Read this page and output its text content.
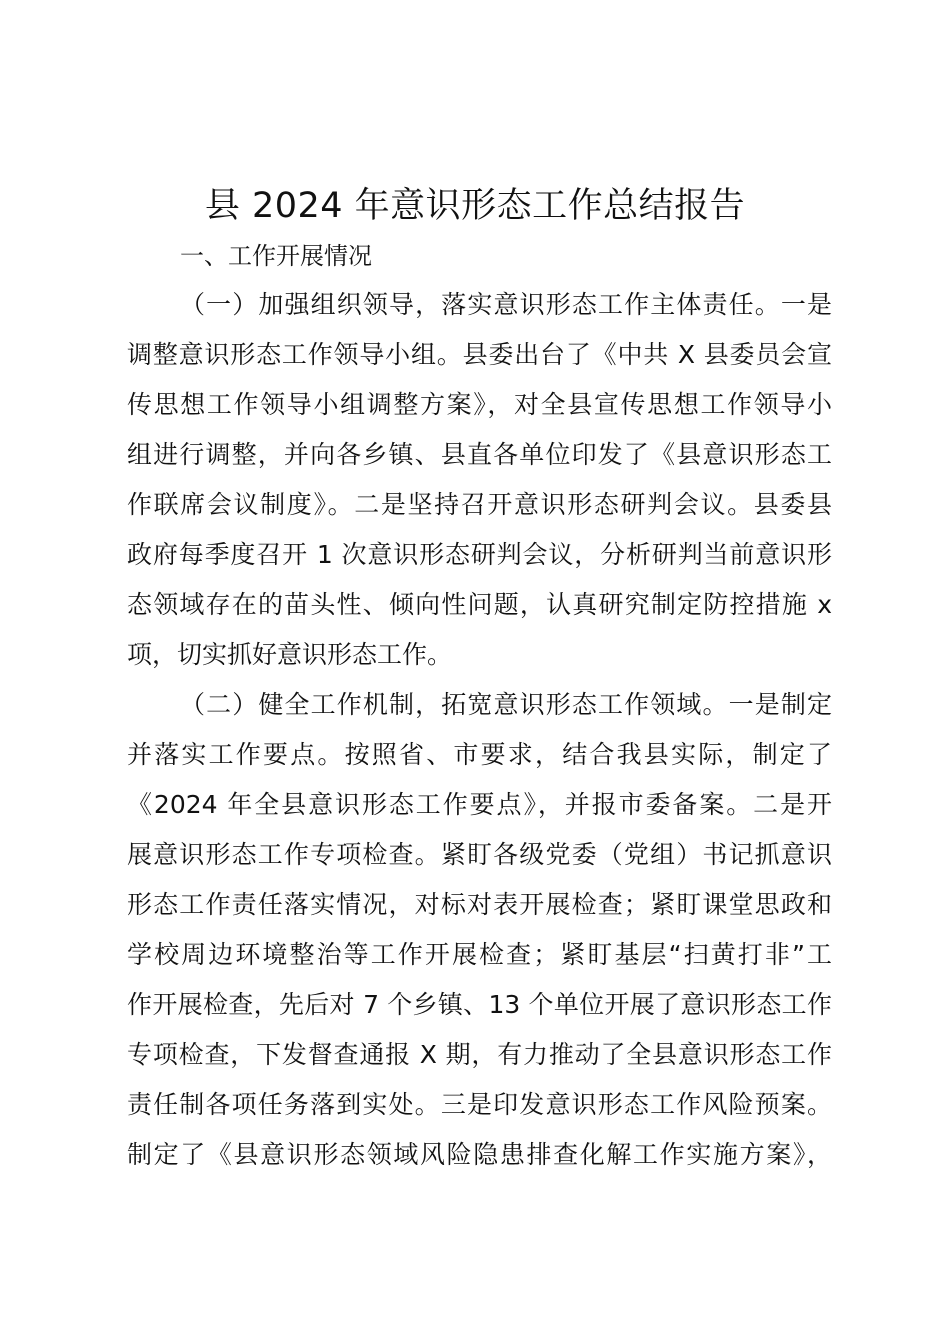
县 2024 年意识形态工作总结报告
一、工作开展情况
（一）加强组织领导，落实意识形态工作主体责任。一是
调整意识形态工作领导小组。县委出台了《中共 X 县委员会宣
传思想工作领导小组调整方案》，对全县宣传思想工作领导小
组进行调整，并向各乡镇、县直各单位印发了《县意识形态工
作联席会议制度》。二是坚持召开意识形态研判会议。县委县
政府每季度召开 1 次意识形态研判会议，分析研判当前意识形
态领域存在的苗头性、倾向性问题，认真研究制定防控措施 x
项，切实抓好意识形态工作。
（二）健全工作机制，拓宽意识形态工作领域。一是制定
并落实工作要点。按照省、市要求，结合我县实际，制定了
《2024 年全县意识形态工作要点》，并报市委备案。二是开
展意识形态工作专项检查。紧盯各级党委（党组）书记抓意识
形态工作责任落实情况，对标对表开展检查；紧盯课堂思政和
学校周边环境整治等工作开展检查；紧盯基层“扫黄打非”工
作开展检查，先后对 7 个乡镇、13 个单位开展了意识形态工作
专项检查，下发督查通报 X 期，有力推动了全县意识形态工作
责任制各项任务落到实处。三是印发意识形态工作风险预案。
制定了《县意识形态领域风险隐患排查化解工作实施方案》，
